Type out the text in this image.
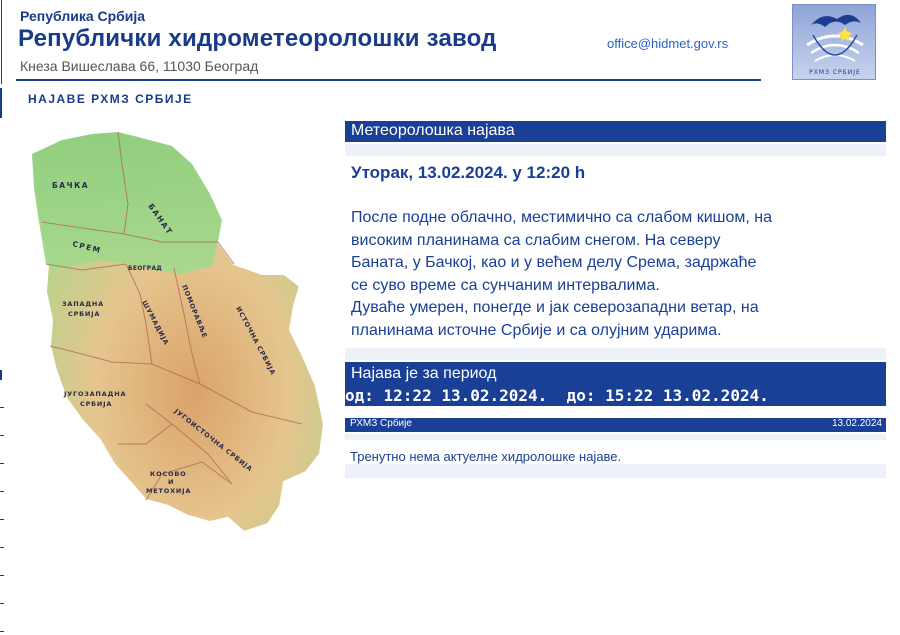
Република Србија
Републички хидрометеоролошки завод
Кнеза Вишеслава 66, 11030 Београд
office@hidmet.gov.rs
РХМЗ СРБИЈЕ
НАЈАВЕ РХМЗ СРБИЈЕ
БАЧКА
БАНАТ
СРЕМ
БЕОГРАД
ЗАПАДНА
СРБИЈА	ШУМАДИЈА ПОМОРАВЉЕ	ИСТОЧНА СРБИЈА
ЈУГОЗАПАДНА
СРБИЈА
ЈУГОИСТОЧНА СРБИЈА
КОСОВО
И
МЕТОХИЈА
Метеоролошка најава
Уторак, 13.02.2024. у 12:20 h
После подне облачно, местимично са слабом кишом, на
високим планинама са слабим снегом. На северу
Баната, у Бачкој, као и у већем делу Срема, задржаће
се суво време са сунчаним интервалима.
Дуваће умерен, понегде и јак северозападни ветар, на
планинама источне Србије и са олујним ударима.
Најава је за период
од: 12:22 13.02.2024.  до: 15:22 13.02.2024.
РХМЗ Србије	13.02.2024
Тренутно нема актуелне хидролошке најаве.
